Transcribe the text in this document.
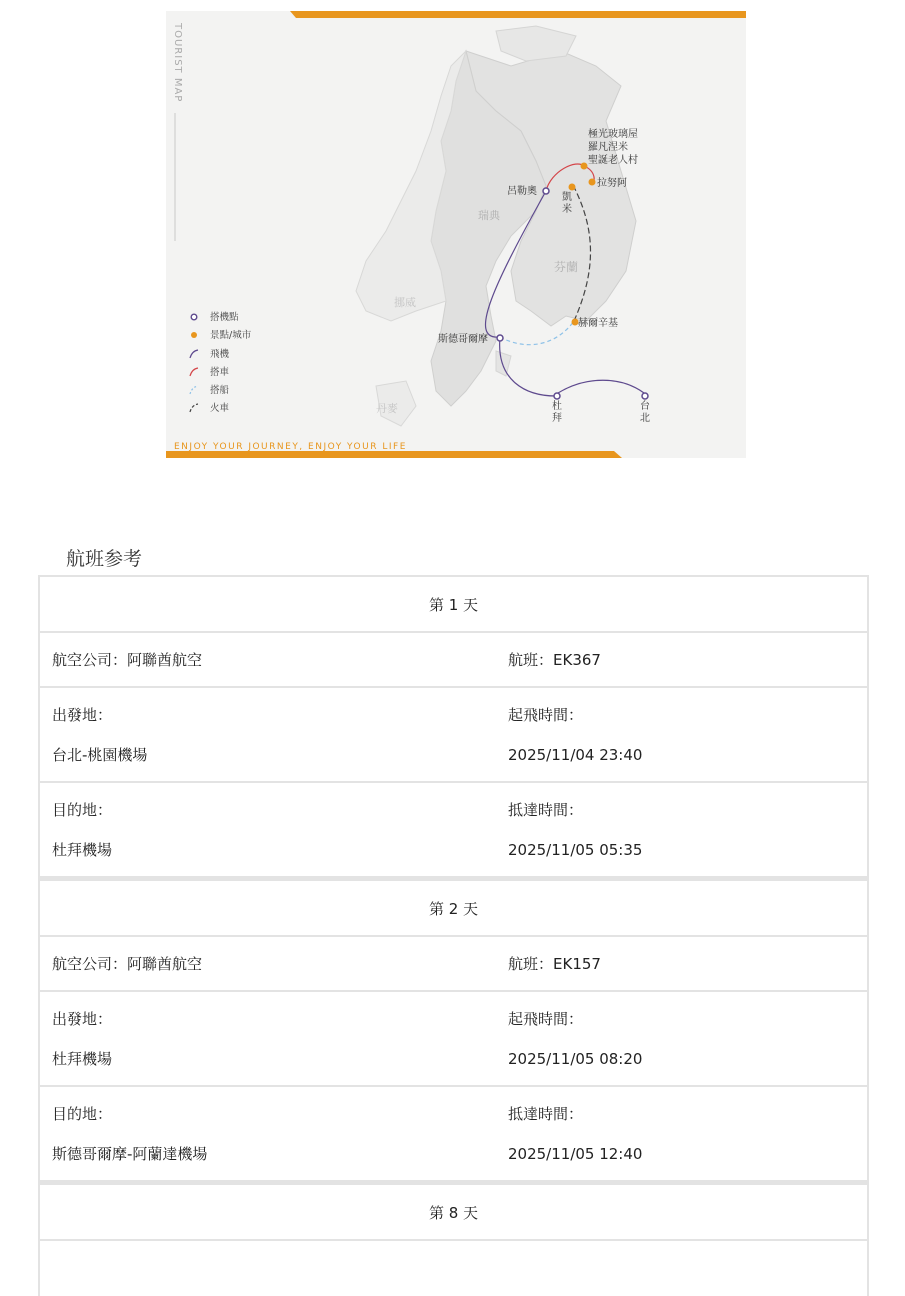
TOURIST MAP
瑞典
芬蘭
挪威
丹麥
極光玻璃屋
羅凡涅米
聖誕老人村
拉努阿
呂勒奧
凱
米
赫爾辛基
斯德哥爾摩
杜
拜
台
北
搭機點
景點/城市
飛機
搭車
搭船
火車
ENJOY YOUR JOURNEY, ENJOY YOUR LIFE
航班参考
第 1 天
航空公司：阿聯酋航空	航班：EK367
出發地：
台北-桃園機場
起飛時間：
2025/11/04 23:40
目的地：
杜拜機場
抵達時間：
2025/11/05 05:35
第 2 天
航空公司：阿聯酋航空	航班：EK157
出發地：
杜拜機場
起飛時間：
2025/11/05 08:20
目的地：
斯德哥爾摩-阿蘭達機場
抵達時間：
2025/11/05 12:40
第 8 天
